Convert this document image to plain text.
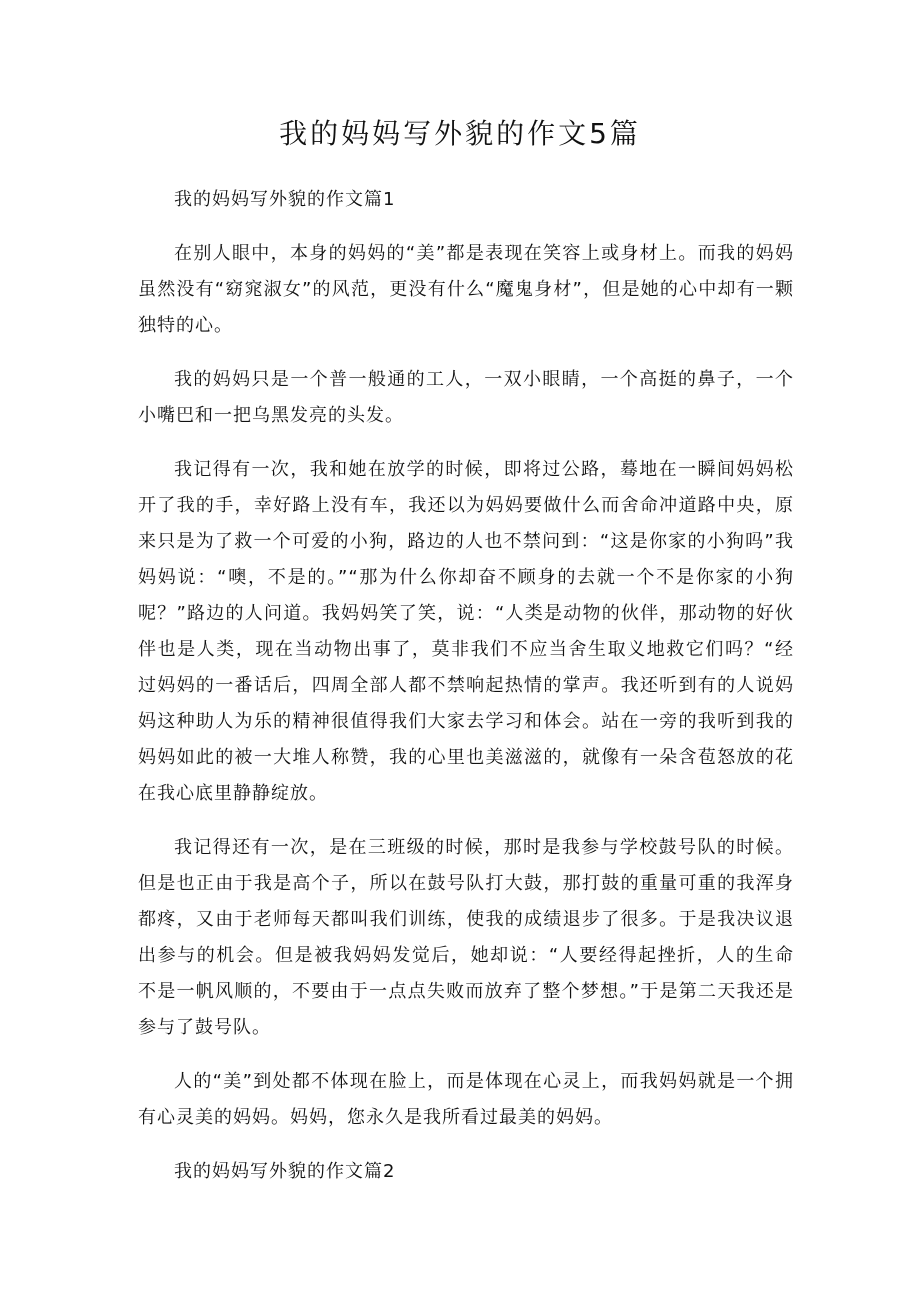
我的妈妈写外貌的作文5篇

我的妈妈写外貌的作文篇1

在别人眼中，本身的妈妈的“美”都是表现在笑容上或身材上。而我的妈妈虽然没有“窈窕淑女”的风范，更没有什么“魔鬼身材”，但是她的心中却有一颗独特的心。

我的妈妈只是一个普一般通的工人，一双小眼睛，一个高挺的鼻子，一个小嘴巴和一把乌黑发亮的头发。

我记得有一次，我和她在放学的时候，即将过公路，蓦地在一瞬间妈妈松开了我的手，幸好路上没有车，我还以为妈妈要做什么而舍命冲道路中央，原来只是为了救一个可爱的小狗，路边的人也不禁问到：“这是你家的小狗吗”我妈妈说：“噢，不是的。”“那为什么你却奋不顾身的去就一个不是你家的小狗呢？”路边的人问道。我妈妈笑了笑，说：“人类是动物的伙伴，那动物的好伙伴也是人类，现在当动物出事了，莫非我们不应当舍生取义地救它们吗？“经过妈妈的一番话后，四周全部人都不禁响起热情的掌声。我还听到有的人说妈妈这种助人为乐的精神很值得我们大家去学习和体会。站在一旁的我听到我的妈妈如此的被一大堆人称赞，我的心里也美滋滋的，就像有一朵含苞怒放的花在我心底里静静绽放。

我记得还有一次，是在三班级的时候，那时是我参与学校鼓号队的时候。但是也正由于我是高个子，所以在鼓号队打大鼓，那打鼓的重量可重的我浑身都疼，又由于老师每天都叫我们训练，使我的成绩退步了很多。于是我决议退出参与的机会。但是被我妈妈发觉后，她却说：“人要经得起挫折，人的生命不是一帆风顺的，不要由于一点点失败而放弃了整个梦想。”于是第二天我还是参与了鼓号队。

人的“美”到处都不体现在脸上，而是体现在心灵上，而我妈妈就是一个拥有心灵美的妈妈。妈妈，您永久是我所看过最美的妈妈。

我的妈妈写外貌的作文篇2
